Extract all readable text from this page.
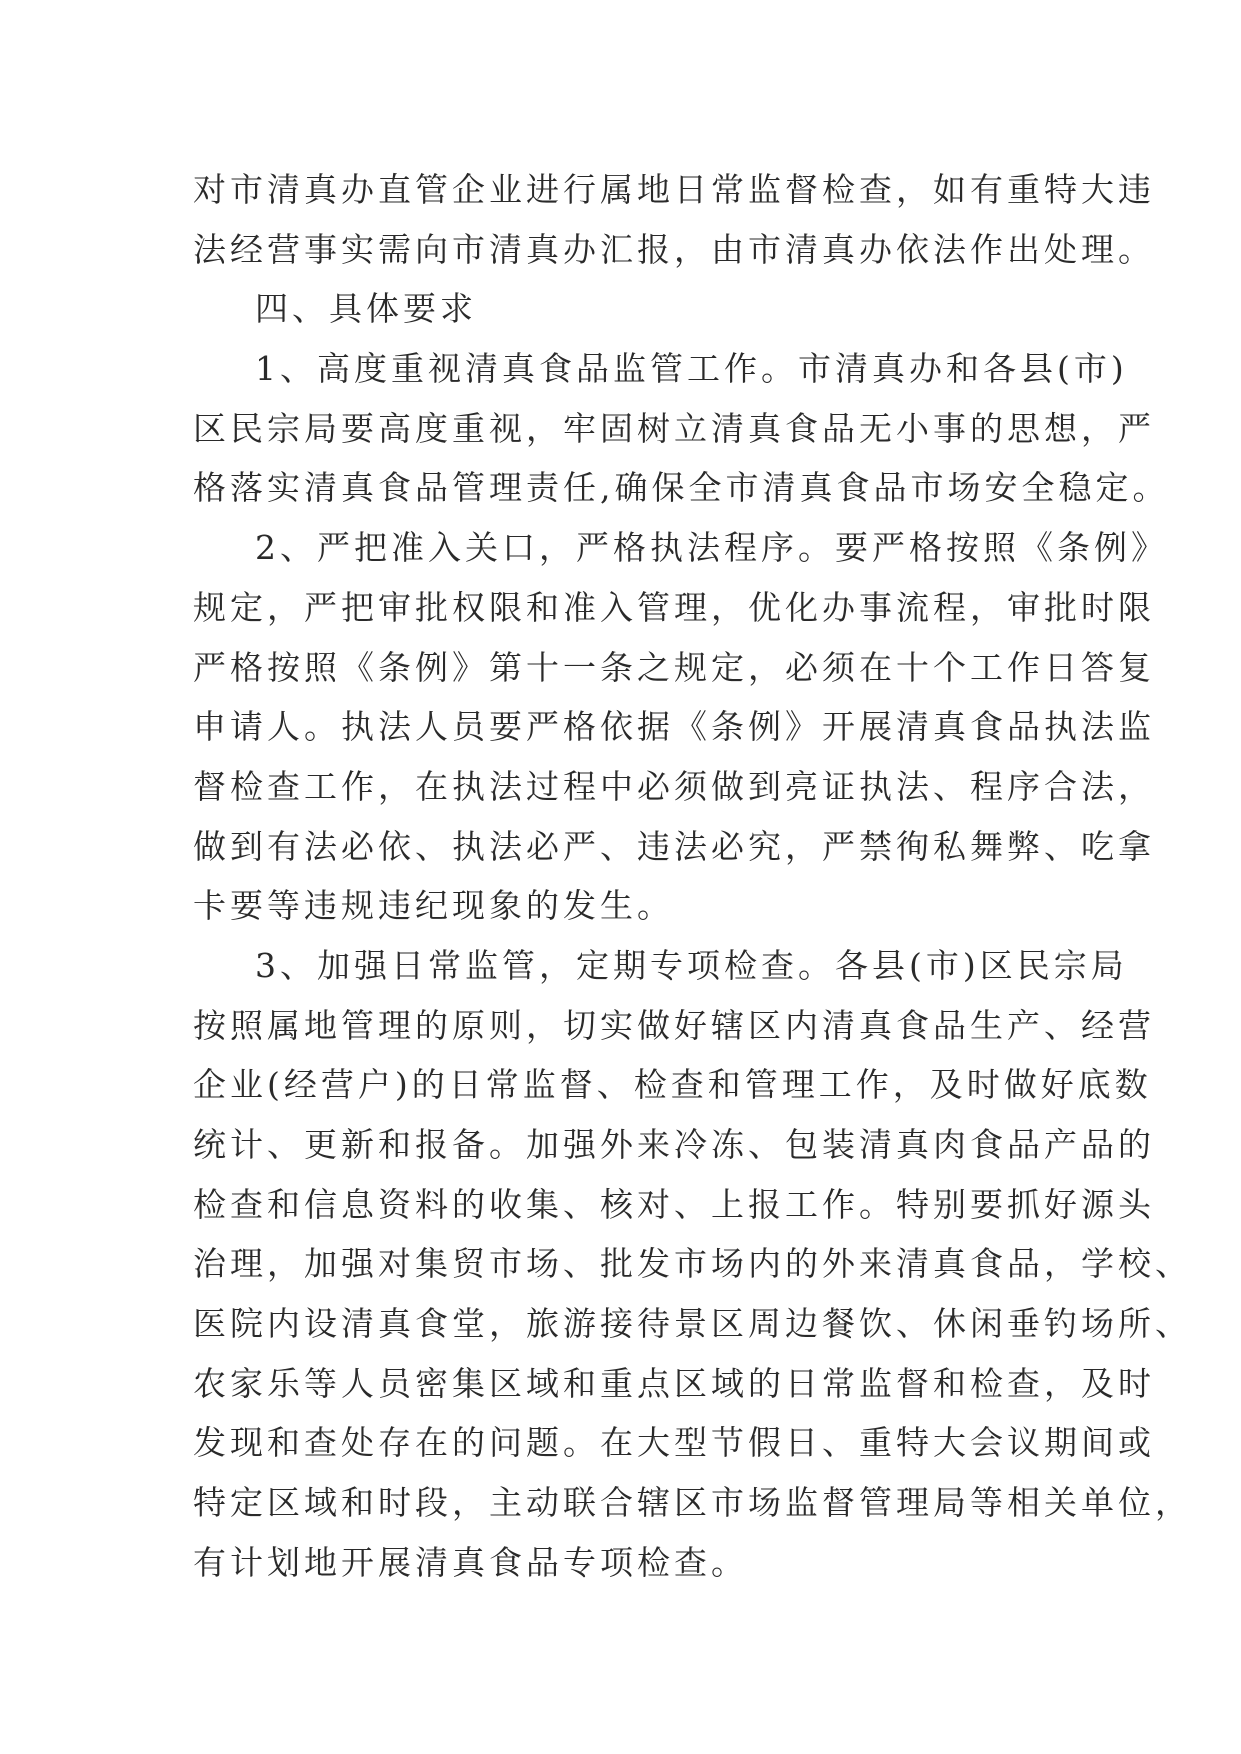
对市清真办直管企业进行属地日常监督检查，如有重特大违
法经营事实需向市清真办汇报，由市清真办依法作出处理。
四、具体要求
1、高度重视清真食品监管工作。市清真办和各县(市)
区民宗局要高度重视，牢固树立清真食品无小事的思想，严
格落实清真食品管理责任,确保全市清真食品市场安全稳定。
2、严把准入关口，严格执法程序。要严格按照《条例》
规定，严把审批权限和准入管理，优化办事流程，审批时限
严格按照《条例》第十一条之规定，必须在十个工作日答复
申请人。执法人员要严格依据《条例》开展清真食品执法监
督检查工作，在执法过程中必须做到亮证执法、程序合法，
做到有法必依、执法必严、违法必究，严禁徇私舞弊、吃拿
卡要等违规违纪现象的发生。
3、加强日常监管，定期专项检查。各县(市)区民宗局
按照属地管理的原则，切实做好辖区内清真食品生产、经营
企业(经营户)的日常监督、检查和管理工作，及时做好底数
统计、更新和报备。加强外来冷冻、包装清真肉食品产品的
检查和信息资料的收集、核对、上报工作。特别要抓好源头
治理，加强对集贸市场、批发市场内的外来清真食品，学校、
医院内设清真食堂，旅游接待景区周边餐饮、休闲垂钓场所、
农家乐等人员密集区域和重点区域的日常监督和检查，及时
发现和查处存在的问题。在大型节假日、重特大会议期间或
特定区域和时段，主动联合辖区市场监督管理局等相关单位，
有计划地开展清真食品专项检查。
